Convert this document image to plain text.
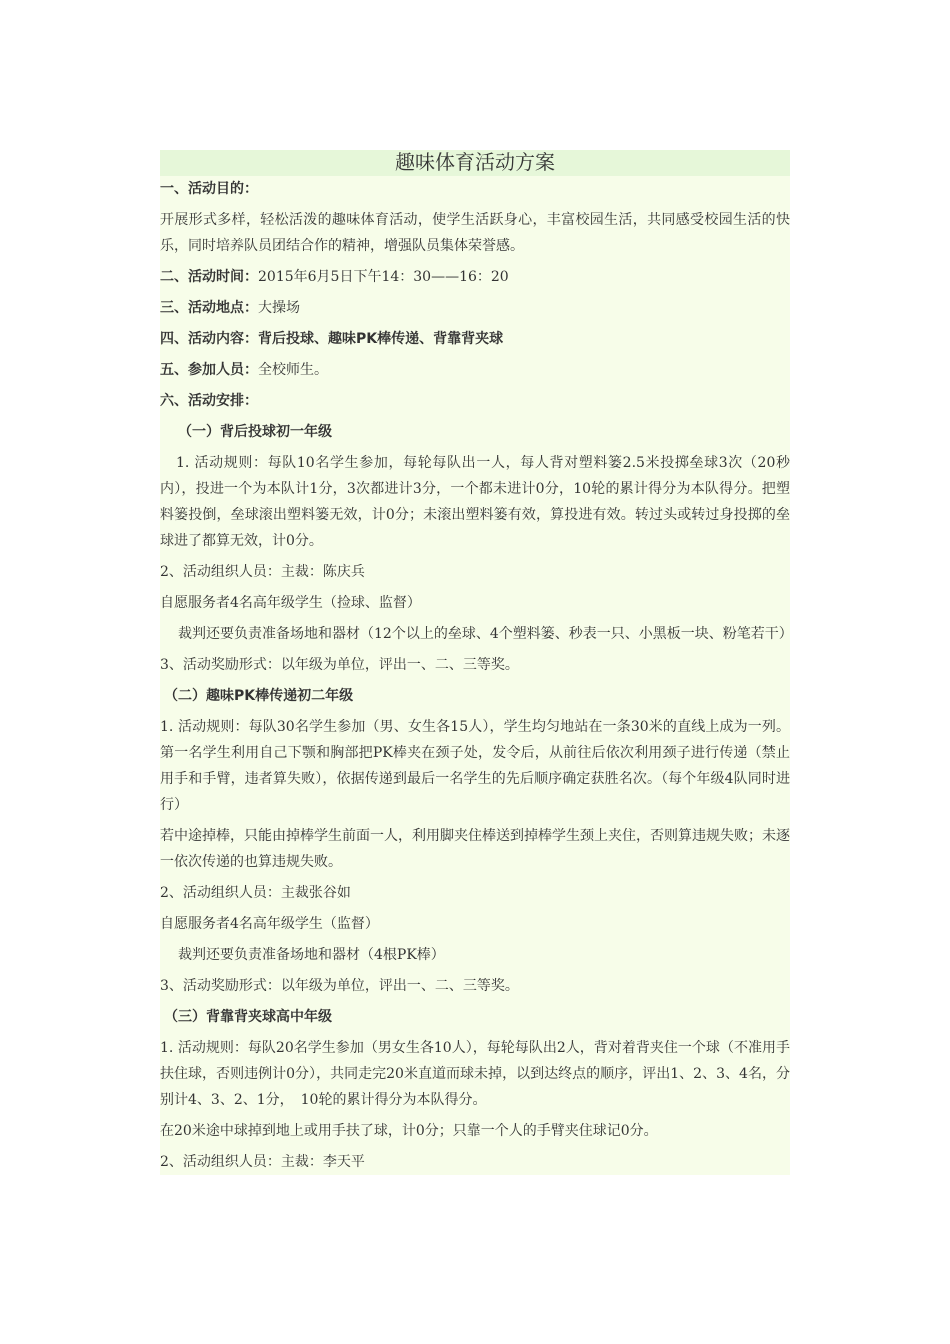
趣味体育活动方案

一、活动目的：

开展形式多样，轻松活泼的趣味体育活动，使学生活跃身心，丰富校园生活，共同感受校园生活的快乐，同时培养队员团结合作的精神，增强队员集体荣誉感。

二、活动时间：2015年6月5日下午14：30——16：20

三、活动地点：大操场

四、活动内容：背后投球、趣味PK棒传递、背靠背夹球

五、参加人员：全校师生。

六、活动安排：

（一）背后投球初一年级

1. 活动规则：每队10名学生参加，每轮每队出一人，每人背对塑料篓2.5米投掷垒球3次（20秒内），投进一个为本队计1分，3次都进计3分，一个都未进计0分，10轮的累计得分为本队得分。把塑料篓投倒，垒球滚出塑料篓无效，计0分；未滚出塑料篓有效，算投进有效。转过头或转过身投掷的垒球进了都算无效，计0分。

2、活动组织人员：主裁：陈庆兵

自愿服务者4名高年级学生（捡球、监督）

裁判还要负责准备场地和器材（12个以上的垒球、4个塑料篓、秒表一只、小黑板一块、粉笔若干）

3、活动奖励形式：以年级为单位，评出一、二、三等奖。

（二）趣味PK棒传递初二年级

1. 活动规则：每队30名学生参加（男、女生各15人），学生均匀地站在一条30米的直线上成为一列。第一名学生利用自己下颚和胸部把PK棒夹在颈子处，发令后，从前往后依次利用颈子进行传递（禁止用手和手臂，违者算失败），依据传递到最后一名学生的先后顺序确定获胜名次。（每个年级4队同时进行）

若中途掉棒，只能由掉棒学生前面一人，利用脚夹住棒送到掉棒学生颈上夹住，否则算违规失败；未逐一依次传递的也算违规失败。

2、活动组织人员：主裁张谷如

自愿服务者4名高年级学生（监督）

裁判还要负责准备场地和器材（4根PK棒）

3、活动奖励形式：以年级为单位，评出一、二、三等奖。

（三）背靠背夹球高中年级

1. 活动规则：每队20名学生参加（男女生各10人），每轮每队出2人，背对着背夹住一个球（不准用手扶住球，否则违例计0分），共同走完20米直道而球未掉，以到达终点的顺序，评出1、2、3、4名，分别计4、3、2、1分，　10轮的累计得分为本队得分。

在20米途中球掉到地上或用手扶了球，计0分；只靠一个人的手臂夹住球记0分。

2、活动组织人员：主裁：李天平
